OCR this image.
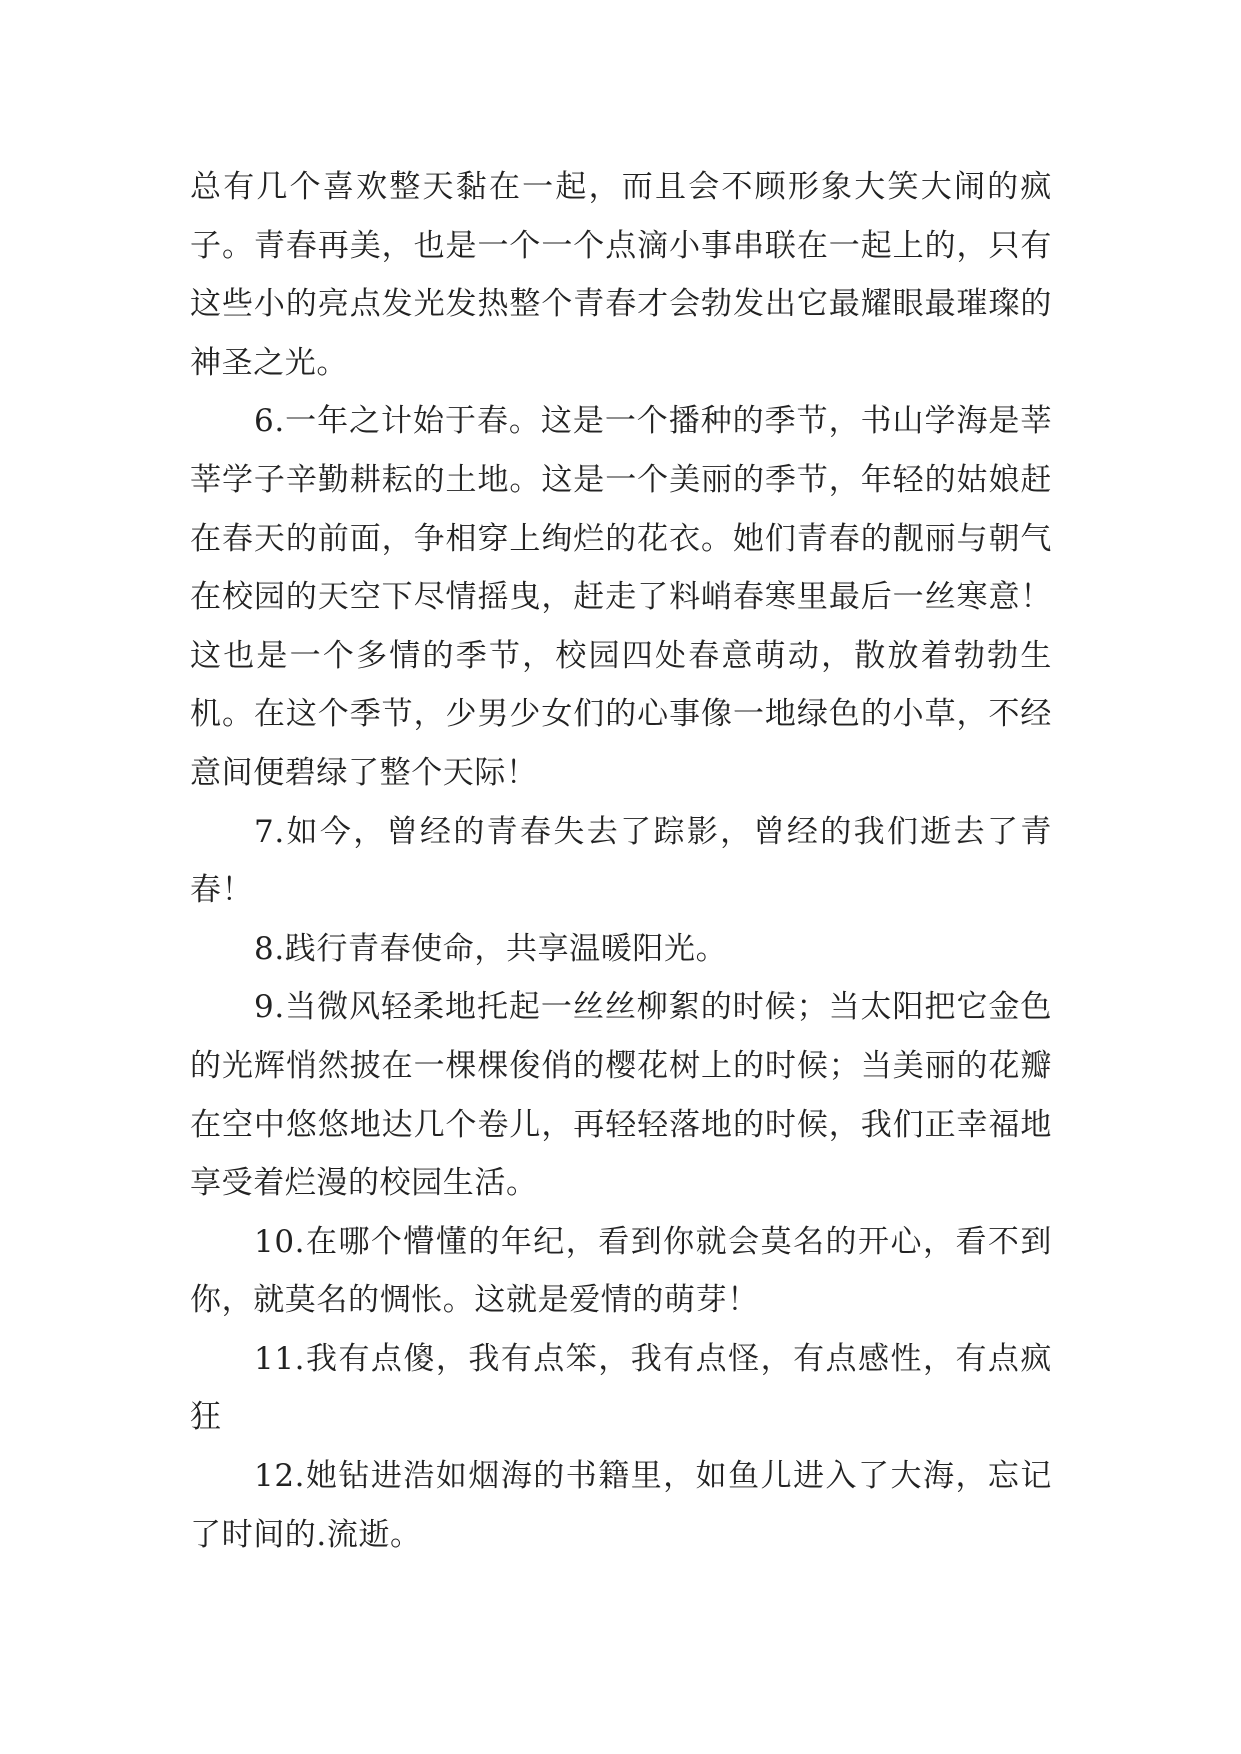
总有几个喜欢整天黏在一起，而且会不顾形象大笑大闹的疯子。青春再美，也是一个一个点滴小事串联在一起上的，只有这些小的亮点发光发热整个青春才会勃发出它最耀眼最璀璨的神圣之光。

6.一年之计始于春。这是一个播种的季节，书山学海是莘莘学子辛勤耕耘的土地。这是一个美丽的季节，年轻的姑娘赶在春天的前面，争相穿上绚烂的花衣。她们青春的靓丽与朝气在校园的天空下尽情摇曳，赶走了料峭春寒里最后一丝寒意！这也是一个多情的季节，校园四处春意萌动，散放着勃勃生机。在这个季节，少男少女们的心事像一地绿色的小草，不经意间便碧绿了整个天际！

7.如今，曾经的青春失去了踪影，曾经的我们逝去了青春！

8.践行青春使命，共享温暖阳光。

9.当微风轻柔地托起一丝丝柳絮的时候；当太阳把它金色的光辉悄然披在一棵棵俊俏的樱花树上的时候；当美丽的花瓣在空中悠悠地达几个卷儿，再轻轻落地的时候，我们正幸福地享受着烂漫的校园生活。

10.在哪个懵懂的年纪，看到你就会莫名的开心，看不到你，就莫名的惆怅。这就是爱情的萌芽！

11.我有点傻，我有点笨，我有点怪，有点感性，有点疯狂

12.她钻进浩如烟海的书籍里，如鱼儿进入了大海，忘记了时间的.流逝。
